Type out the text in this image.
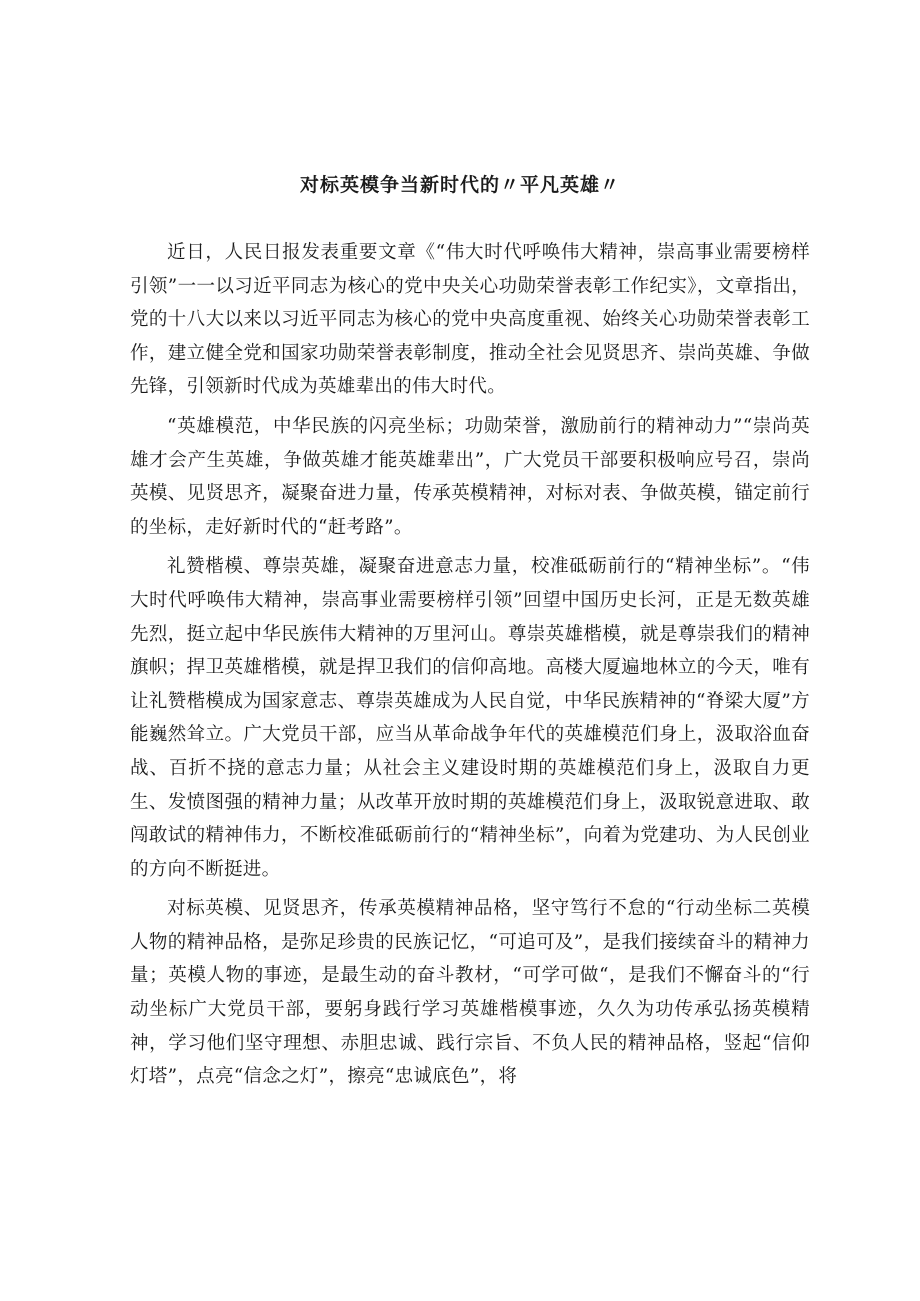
对标英模争当新时代的〃平凡英雄〃

近日，人民日报发表重要文章《“伟大时代呼唤伟大精神，崇高事业需要榜样引领”一一以习近平同志为核心的党中央关心功勋荣誉表彰工作纪实》，文章指出，党的十八大以来以习近平同志为核心的党中央高度重视、始终关心功勋荣誉表彰工作，建立健全党和国家功勋荣誉表彰制度，推动全社会见贤思齐、崇尚英雄、争做先锋，引领新时代成为英雄辈出的伟大时代。

“英雄模范，中华民族的闪亮坐标；功勋荣誉，激励前行的精神动力”“崇尚英雄才会产生英雄，争做英雄才能英雄辈出”，广大党员干部要积极响应号召，崇尚英模、见贤思齐，凝聚奋进力量，传承英模精神，对标对表、争做英模，锚定前行的坐标，走好新时代的“赶考路”。

礼赞楷模、尊崇英雄，凝聚奋进意志力量，校准砥砺前行的“精神坐标”。“伟大时代呼唤伟大精神，崇高事业需要榜样引领”回望中国历史长河，正是无数英雄先烈，挺立起中华民族伟大精神的万里河山。尊崇英雄楷模，就是尊崇我们的精神旗帜；捍卫英雄楷模，就是捍卫我们的信仰高地。高楼大厦遍地林立的今天，唯有让礼赞楷模成为国家意志、尊崇英雄成为人民自觉，中华民族精神的“脊梁大厦”方能巍然耸立。广大党员干部，应当从革命战争年代的英雄模范们身上，汲取浴血奋战、百折不挠的意志力量；从社会主义建设时期的英雄模范们身上，汲取自力更生、发愤图强的精神力量；从改革开放时期的英雄模范们身上，汲取锐意进取、敢闯敢试的精神伟力，不断校准砥砺前行的“精神坐标”，向着为党建功、为人民创业的方向不断挺进。

对标英模、见贤思齐，传承英模精神品格，坚守笃行不怠的“行动坐标二英模人物的精神品格，是弥足珍贵的民族记忆，“可追可及”，是我们接续奋斗的精神力量；英模人物的事迹，是最生动的奋斗教材，“可学可做“，是我们不懈奋斗的“行动坐标广大党员干部，要躬身践行学习英雄楷模事迹，久久为功传承弘扬英模精神，学习他们坚守理想、赤胆忠诚、践行宗旨、不负人民的精神品格，竖起“信仰灯塔”，点亮“信念之灯”，擦亮“忠诚底色”，将
